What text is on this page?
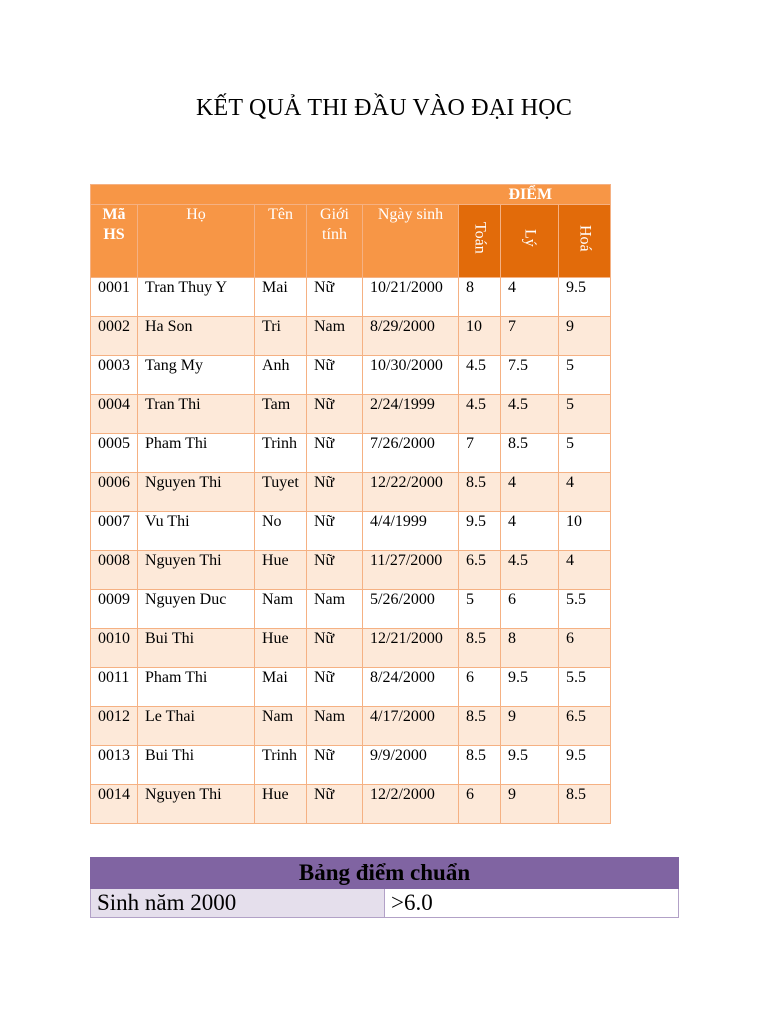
KẾT QUẢ THI ĐẦU VÀO ĐẠI HỌC
ĐIỂM							
Mã HS	Họ	Tên	Giới tính	Ngày sinh	Toán	Lý	Hoá
0001	Tran Thuy Y	Mai	Nữ	10/21/2000	8	4	9.5
0002	Ha Son	Tri	Nam	8/29/2000	10	7	9
0003	Tang My	Anh	Nữ	10/30/2000	4.5	7.5	5
0004	Tran Thi	Tam	Nữ	2/24/1999	4.5	4.5	5
0005	Pham Thi	Trinh	Nữ	7/26/2000	7	8.5	5
0006	Nguyen Thi	Tuyet	Nữ	12/22/2000	8.5	4	4
0007	Vu Thi	No	Nữ	4/4/1999	9.5	4	10
0008	Nguyen Thi	Hue	Nữ	11/27/2000	6.5	4.5	4
0009	Nguyen Duc	Nam	Nam	5/26/2000	5	6	5.5
0010	Bui Thi	Hue	Nữ	12/21/2000	8.5	8	6
0011	Pham Thi	Mai	Nữ	8/24/2000	6	9.5	5.5
0012	Le Thai	Nam	Nam	4/17/2000	8.5	9	6.5
0013	Bui Thi	Trinh	Nữ	9/9/2000	8.5	9.5	9.5
0014	Nguyen Thi	Hue	Nữ	12/2/2000	6	9	8.5
Bảng điểm chuẩn
Sinh năm 2000	>6.0
